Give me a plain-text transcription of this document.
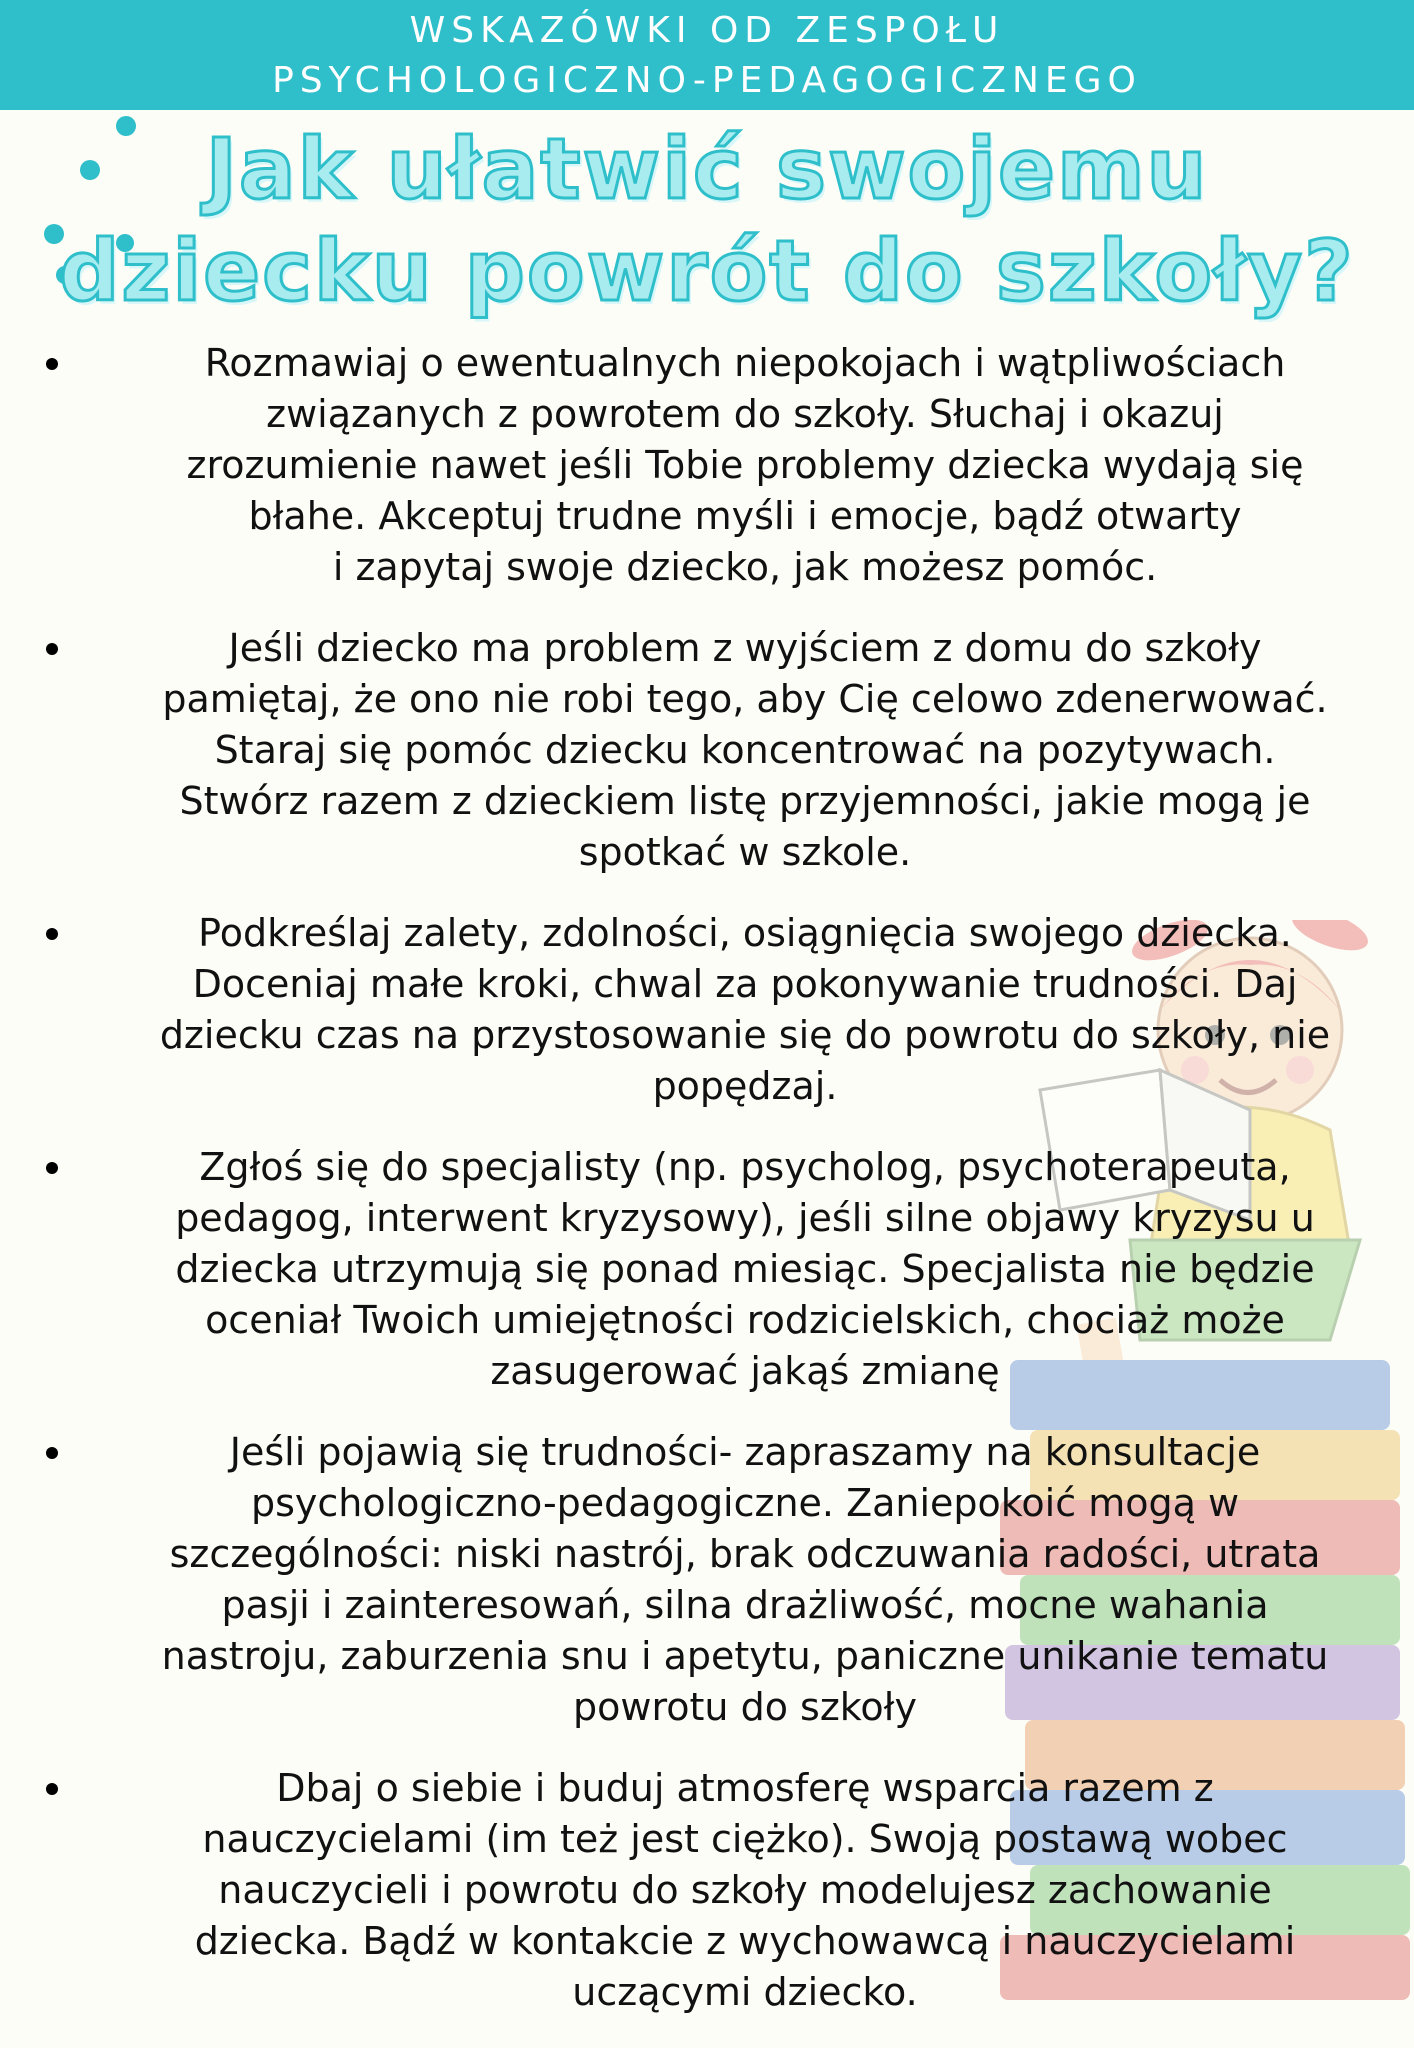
WSKAZÓWKI OD ZESPOŁU
PSYCHOLOGICZNO-PEDAGOGICZNEGO
Jak ułatwić swojemu
dziecku powrót do szkoły?
Rozmawiaj o ewentualnych niepokojach i wątpliwościach
związanych z powrotem do szkoły. Słuchaj i okazuj
zrozumienie nawet jeśli Tobie problemy dziecka wydają się
błahe. Akceptuj trudne myśli i emocje, bądź otwarty
i zapytaj swoje dziecko, jak możesz pomóc.
Jeśli dziecko ma problem z wyjściem z domu do szkoły
pamiętaj, że ono nie robi tego, aby Cię celowo zdenerwować.
Staraj się pomóc dziecku koncentrować na pozytywach.
Stwórz razem z dzieckiem listę przyjemności, jakie mogą je
spotkać w szkole.
Podkreślaj zalety, zdolności, osiągnięcia swojego dziecka.
Doceniaj małe kroki, chwal za pokonywanie trudności. Daj
dziecku czas na przystosowanie się do powrotu do szkoły, nie
popędzaj.
Zgłoś się do specjalisty (np. psycholog, psychoterapeuta,
pedagog, interwent kryzysowy), jeśli silne objawy kryzysu u
dziecka utrzymują się ponad miesiąc. Specjalista nie będzie
oceniał Twoich umiejętności rodzicielskich, chociaż może
zasugerować jakąś zmianę
Jeśli pojawią się trudności- zapraszamy na konsultacje
psychologiczno-pedagogiczne. Zaniepokoić mogą w
szczególności: niski nastrój, brak odczuwania radości, utrata
pasji i zainteresowań, silna drażliwość, mocne wahania
nastroju, zaburzenia snu i apetytu, paniczne unikanie tematu
powrotu do szkoły
Dbaj o siebie i buduj atmosferę wsparcia razem z
nauczycielami (im też jest ciężko). Swoją postawą wobec
nauczycieli i powrotu do szkoły modelujesz zachowanie
dziecka. Bądź w kontakcie z wychowawcą i nauczycielami
uczącymi dziecko.
